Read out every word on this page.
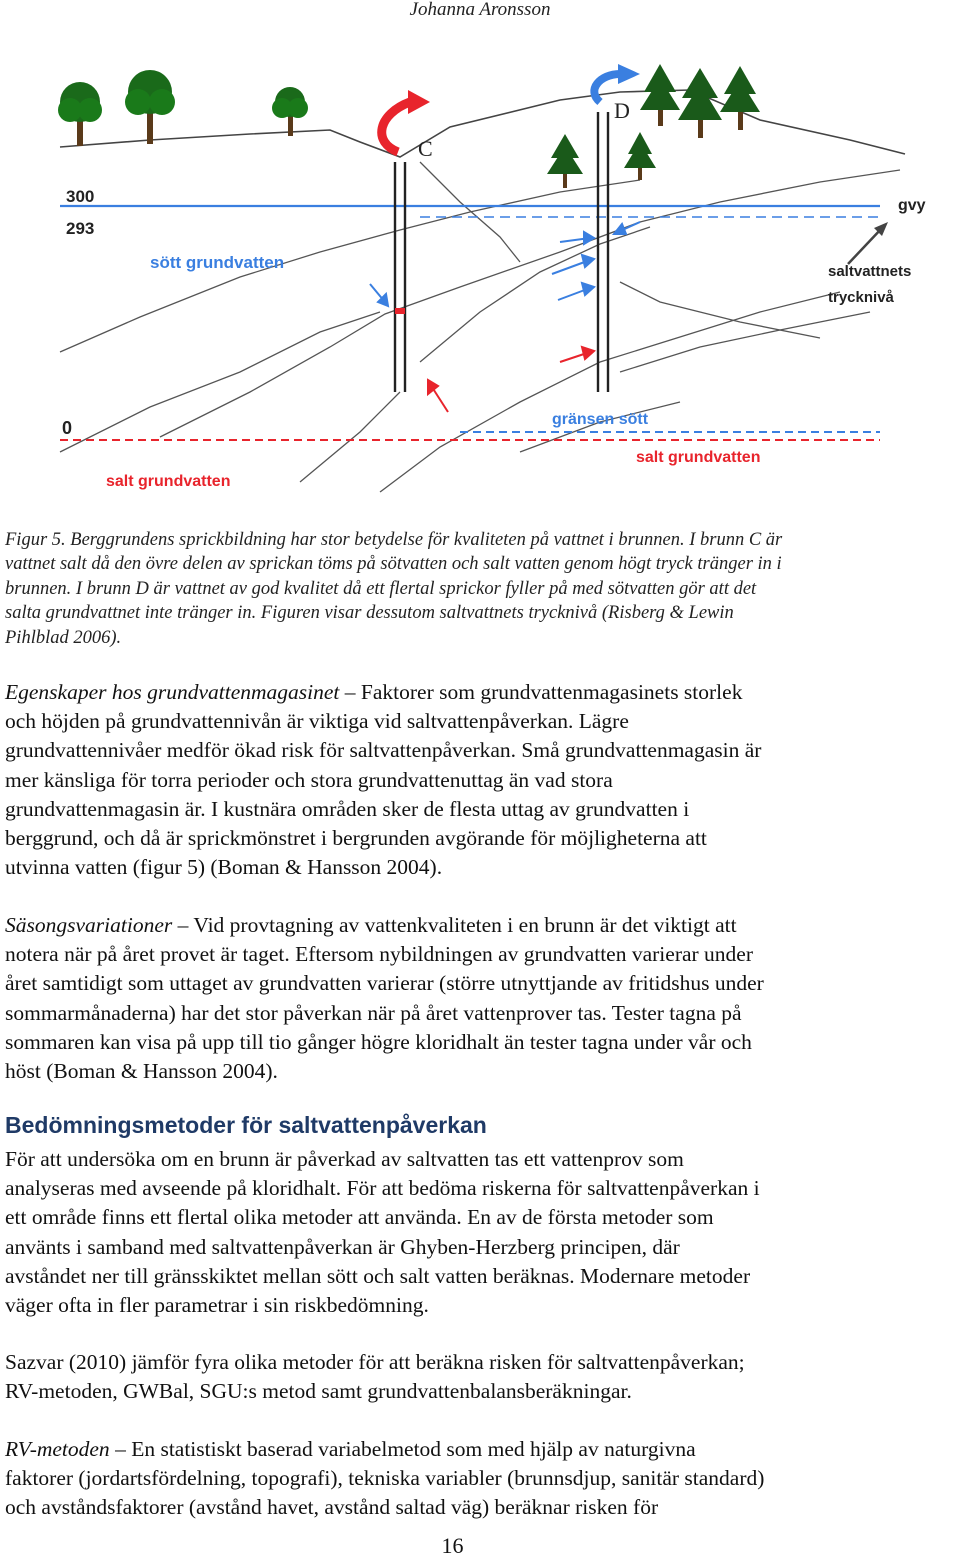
Johanna Aronsson
300
293
0
C
D
gvy
sött grundvatten	saltvattnets
trycknivå
gränsen sött
salt grundvatten
salt grundvatten
Figur 5. Berggrundens sprickbildning har stor betydelse för kvaliteten på vattnet i brunnen. I brunn C är
vattnet salt då den övre delen av sprickan töms på sötvatten och salt vatten genom högt tryck tränger in i
brunnen. I brunn D är vattnet av god kvalitet då ett flertal sprickor fyller på med sötvatten gör att det
salta grundvattnet inte tränger in. Figuren visar dessutom saltvattnets trycknivå (Risberg & Lewin
Pihlblad 2006).
Egenskaper hos grundvattenmagasinet – Faktorer som grundvattenmagasinets storlek
och höjden på grundvattennivån är viktiga vid saltvattenpåverkan. Lägre
grundvattennivåer medför ökad risk för saltvattenpåverkan. Små grundvattenmagasin är
mer känsliga för torra perioder och stora grundvattenuttag än vad stora
grundvattenmagasin är. I kustnära områden sker de flesta uttag av grundvatten i
berggrund, och då är sprickmönstret i bergrunden avgörande för möjligheterna att
utvinna vatten (figur 5) (Boman & Hansson 2004).
Säsongsvariationer – Vid provtagning av vattenkvaliteten i en brunn är det viktigt att
notera när på året provet är taget. Eftersom nybildningen av grundvatten varierar under
året samtidigt som uttaget av grundvatten varierar (större utnyttjande av fritidshus under
sommarmånaderna) har det stor påverkan när på året vattenprover tas. Tester tagna på
sommaren kan visa på upp till tio gånger högre kloridhalt än tester tagna under vår och
höst (Boman & Hansson 2004).
Bedömningsmetoder för saltvattenpåverkan
För att undersöka om en brunn är påverkad av saltvatten tas ett vattenprov som
analyseras med avseende på kloridhalt. För att bedöma riskerna för saltvattenpåverkan i
ett område finns ett flertal olika metoder att använda. En av de första metoder som
använts i samband med saltvattenpåverkan är Ghyben-Herzberg principen, där
avståndet ner till gränsskiktet mellan sött och salt vatten beräknas. Modernare metoder
väger ofta in fler parametrar i sin riskbedömning.
Sazvar (2010) jämför fyra olika metoder för att beräkna risken för saltvattenpåverkan;
RV-metoden, GWBal, SGU:s metod samt grundvattenbalansberäkningar.
RV-metoden – En statistiskt baserad variabelmetod som med hjälp av naturgivna
faktorer (jordartsfördelning, topografi), tekniska variabler (brunnsdjup, sanitär standard)
och avståndsfaktorer (avstånd havet, avstånd saltad väg) beräknar risken för
16
